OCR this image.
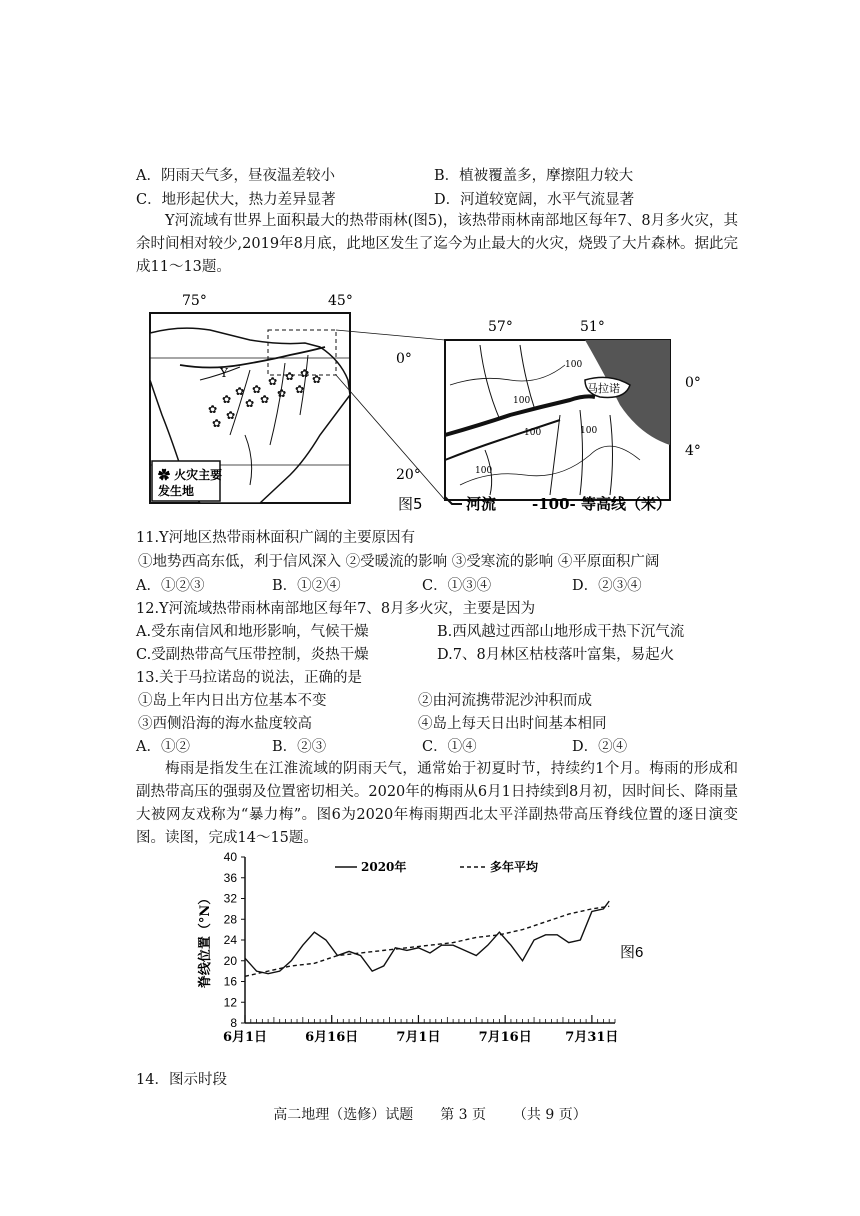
A．阴雨天气多，昼夜温差较小	B．植被覆盖多，摩擦阻力较大
C．地形起伏大，热力差异显著	D．河道较宽阔，水平气流显著
Y河流域有世界上面积最大的热带雨林(图5)，该热带雨林南部地区每年7、8月多火灾，其余时间相对较少,2019年8月底，此地区发生了迄今为止最大的火灾，烧毁了大片森林。据此完成11～13题。
75°	45°
Y
✿
✿
✿ ✿
✿ ✿ ✿ ✿
✿ ✿ ✿ ✿
✿
✿
✿ 火灾主要
发生地
0°
20°
57°	51°
马拉诺
100
100
100	100
100
0°
4°
图5	河流 -100- 等高线（米）
11.Y河地区热带雨林面积广阔的主要原因有
①地势西高东低，利于信风深入 ②受暖流的影响 ③受寒流的影响 ④平原面积广阔
A．①②③	B．①②④	C．①③④	D．②③④
12.Y河流域热带雨林南部地区每年7、8月多火灾，主要是因为
A.受东南信风和地形影响，气候干燥	B.西风越过西部山地形成干热下沉气流
C.受副热带高气压带控制，炎热干燥	D.7、8月林区枯枝落叶富集，易起火
13.关于马拉诺岛的说法，正确的是
①岛上年内日出方位基本不变	②由河流携带泥沙沖积而成
③西侧沿海的海水盐度较高	④岛上每天日出时间基本相同
A．①②	B．②③	C．①④	D．②④
梅雨是指发生在江淮流域的阴雨天气，通常始于初夏时节，持续约1个月。梅雨的形成和副热带高压的强弱及位置密切相关。2020年的梅雨从6月1日持续到8月初，因时间长、降雨量大被网友戏称为“暴力梅”。图6为2020年梅雨期西北太平洋副热带高压脊线位置的逐日演变图。读图，完成14～15题。
8
12
16
20
24
28
32
36
40
6月1日	6月16日	7月1日	7月16日	7月31日
脊线位置（°N）
2020年	多年平均
图6
14．图示时段
高二地理（选修）试题 第 3 页 （共 9 页）
